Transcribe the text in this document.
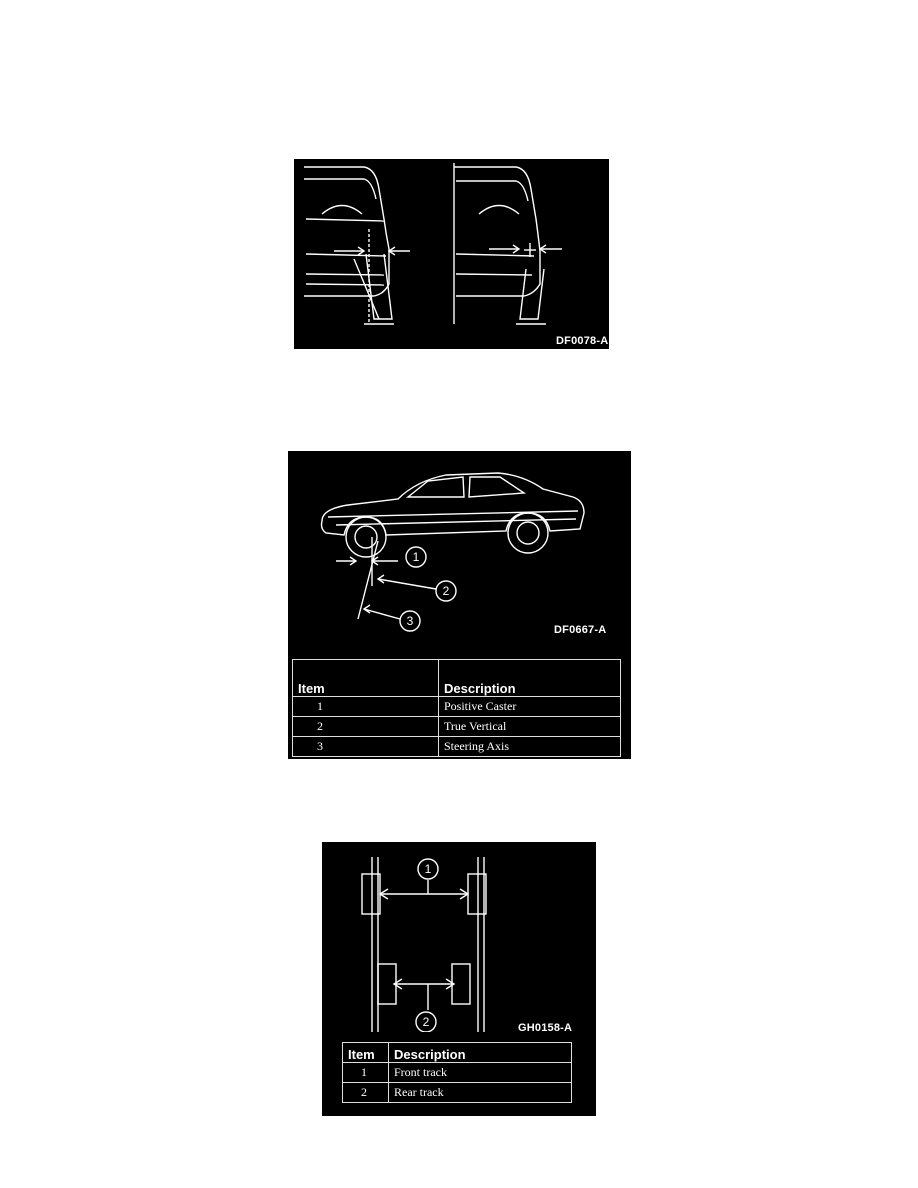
DF0078-A
1
2
3
DF0667-A
Item	Description
1	Positive Caster
2	True Vertical
3	Steering Axis
1
2	GH0158-A
Item	Description
1	Front track
2	Rear track
